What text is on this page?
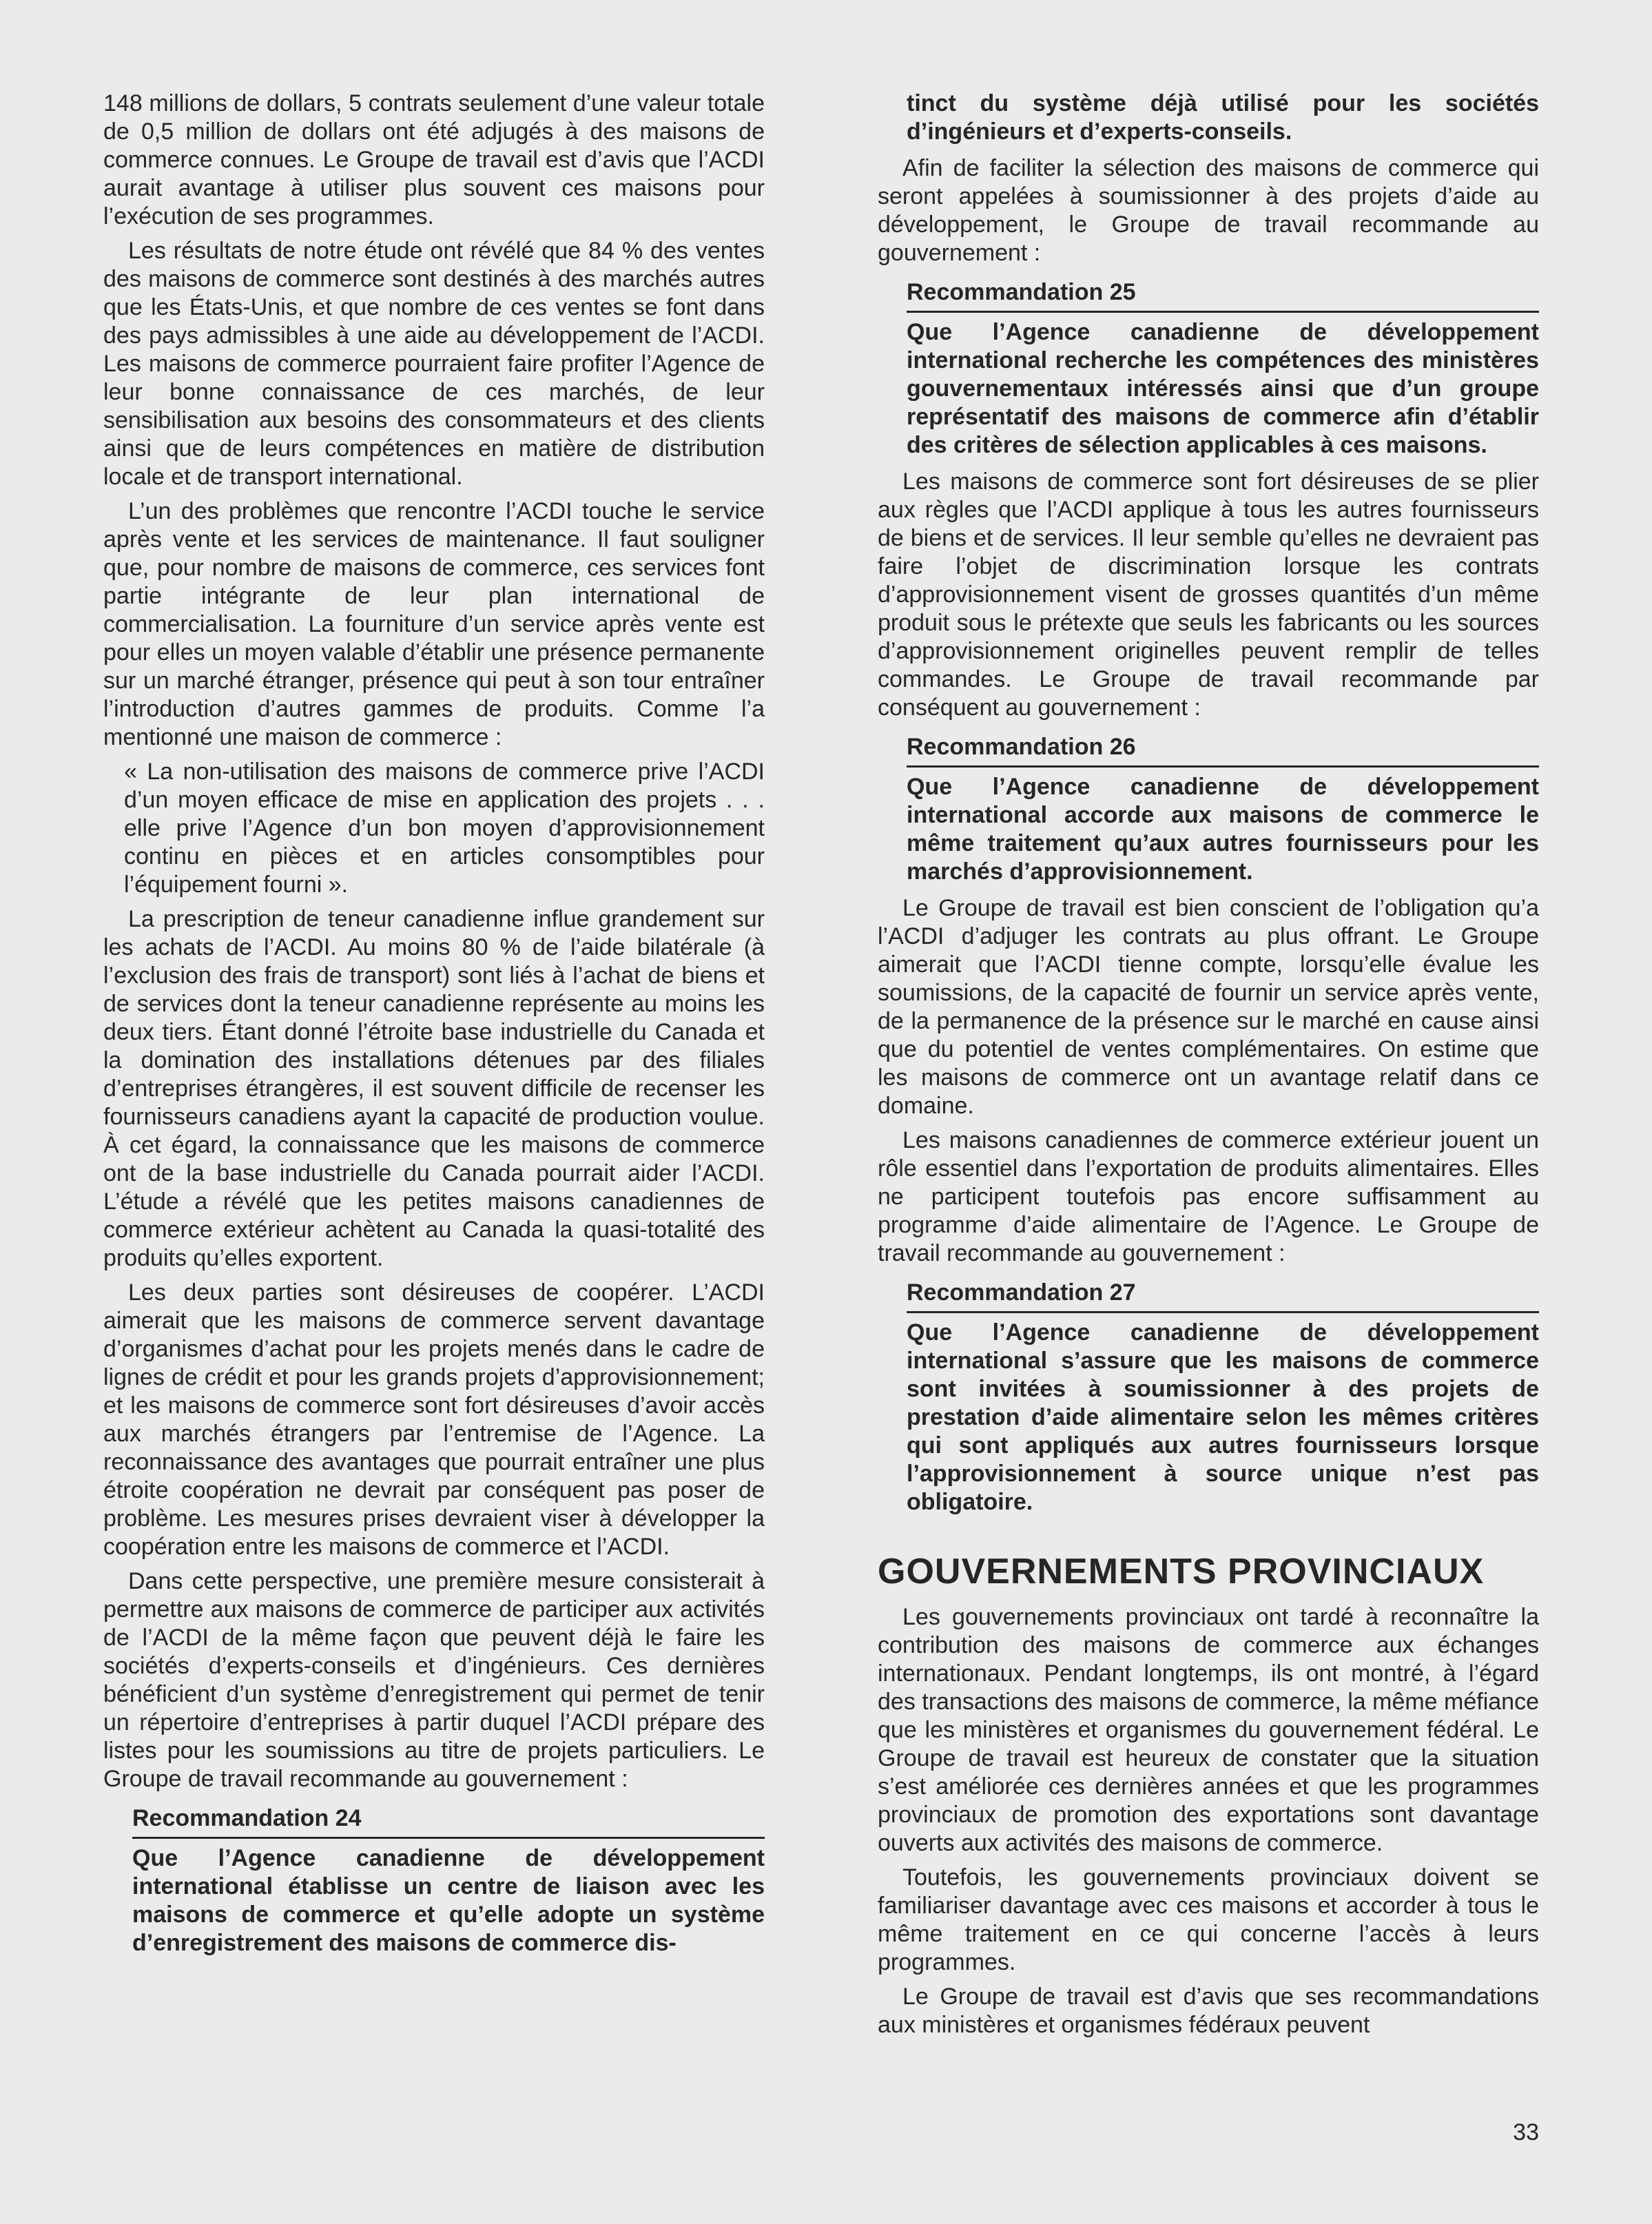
148 millions de dollars, 5 contrats seulement d’une valeur totale de 0,5 million de dollars ont été adjugés à des maisons de commerce connues. Le Groupe de travail est d’avis que l’ACDI aurait avantage à utiliser plus souvent ces maisons pour l’exécution de ses programmes.

Les résultats de notre étude ont révélé que 84 % des ventes des maisons de commerce sont destinés à des marchés autres que les États-Unis, et que nombre de ces ventes se font dans des pays admissibles à une aide au développement de l’ACDI. Les maisons de commerce pourraient faire profiter l’Agence de leur bonne connaissance de ces marchés, de leur sensibilisation aux besoins des consommateurs et des clients ainsi que de leurs compétences en matière de distribution locale et de transport international.

L’un des problèmes que rencontre l’ACDI touche le service après vente et les services de maintenance. Il faut souligner que, pour nombre de maisons de commerce, ces services font partie intégrante de leur plan international de commercialisation. La fourniture d’un service après vente est pour elles un moyen valable d’établir une présence permanente sur un marché étranger, présence qui peut à son tour entraîner l’introduction d’autres gammes de produits. Comme l’a mentionné une maison de commerce :

« La non-utilisation des maisons de commerce prive l’ACDI d’un moyen efficace de mise en application des projets . . . elle prive l’Agence d’un bon moyen d’approvisionnement continu en pièces et en articles consomptibles pour l’équipement fourni ».

La prescription de teneur canadienne influe grandement sur les achats de l’ACDI. Au moins 80 % de l’aide bilatérale (à l’exclusion des frais de transport) sont liés à l’achat de biens et de services dont la teneur canadienne représente au moins les deux tiers. Étant donné l’étroite base industrielle du Canada et la domination des installations détenues par des filiales d’entreprises étrangères, il est souvent difficile de recenser les fournisseurs canadiens ayant la capacité de production voulue. À cet égard, la connaissance que les maisons de commerce ont de la base industrielle du Canada pourrait aider l’ACDI. L’étude a révélé que les petites maisons canadiennes de commerce extérieur achètent au Canada la quasi-totalité des produits qu’elles exportent.

Les deux parties sont désireuses de coopérer. L’ACDI aimerait que les maisons de commerce servent davantage d’organismes d’achat pour les projets menés dans le cadre de lignes de crédit et pour les grands projets d’approvisionnement; et les maisons de commerce sont fort désireuses d’avoir accès aux marchés étrangers par l’entremise de l’Agence. La reconnaissance des avantages que pourrait entraîner une plus étroite coopération ne devrait par conséquent pas poser de problème. Les mesures prises devraient viser à développer la coopération entre les maisons de commerce et l’ACDI.

Dans cette perspective, une première mesure consisterait à permettre aux maisons de commerce de participer aux activités de l’ACDI de la même façon que peuvent déjà le faire les sociétés d’experts-conseils et d’ingénieurs. Ces dernières bénéficient d’un système d’enregistrement qui permet de tenir un répertoire d’entreprises à partir duquel l’ACDI prépare des listes pour les soumissions au titre de projets particuliers. Le Groupe de travail recommande au gouvernement :

Recommandation 24
Que l’Agence canadienne de développement international établisse un centre de liaison avec les maisons de commerce et qu’elle adopte un système d’enregistrement des maisons de commerce dis-
tinct du système déjà utilisé pour les sociétés d’ingénieurs et d’experts-conseils.

Afin de faciliter la sélection des maisons de commerce qui seront appelées à soumissionner à des projets d’aide au développement, le Groupe de travail recommande au gouvernement :

Recommandation 25
Que l’Agence canadienne de développement international recherche les compétences des ministères gouvernementaux intéressés ainsi que d’un groupe représentatif des maisons de commerce afin d’établir des critères de sélection applicables à ces maisons.

Les maisons de commerce sont fort désireuses de se plier aux règles que l’ACDI applique à tous les autres fournisseurs de biens et de services. Il leur semble qu’elles ne devraient pas faire l’objet de discrimination lorsque les contrats d’approvisionnement visent de grosses quantités d’un même produit sous le prétexte que seuls les fabricants ou les sources d’approvisionnement originelles peuvent remplir de telles commandes. Le Groupe de travail recommande par conséquent au gouvernement :

Recommandation 26
Que l’Agence canadienne de développement international accorde aux maisons de commerce le même traitement qu’aux autres fournisseurs pour les marchés d’approvisionnement.

Le Groupe de travail est bien conscient de l’obligation qu’a l’ACDI d’adjuger les contrats au plus offrant. Le Groupe aimerait que l’ACDI tienne compte, lorsqu’elle évalue les soumissions, de la capacité de fournir un service après vente, de la permanence de la présence sur le marché en cause ainsi que du potentiel de ventes complémentaires. On estime que les maisons de commerce ont un avantage relatif dans ce domaine.

Les maisons canadiennes de commerce extérieur jouent un rôle essentiel dans l’exportation de produits alimentaires. Elles ne participent toutefois pas encore suffisamment au programme d’aide alimentaire de l’Agence. Le Groupe de travail recommande au gouvernement :

Recommandation 27
Que l’Agence canadienne de développement international s’assure que les maisons de commerce sont invitées à soumissionner à des projets de prestation d’aide alimentaire selon les mêmes critères qui sont appliqués aux autres fournisseurs lorsque l’approvisionnement à source unique n’est pas obligatoire.
GOUVERNEMENTS PROVINCIAUX

Les gouvernements provinciaux ont tardé à reconnaître la contribution des maisons de commerce aux échanges internationaux. Pendant longtemps, ils ont montré, à l’égard des transactions des maisons de commerce, la même méfiance que les ministères et organismes du gouvernement fédéral. Le Groupe de travail est heureux de constater que la situation s’est améliorée ces dernières années et que les programmes provinciaux de promotion des exportations sont davantage ouverts aux activités des maisons de commerce.

Toutefois, les gouvernements provinciaux doivent se familiariser davantage avec ces maisons et accorder à tous le même traitement en ce qui concerne l’accès à leurs programmes.

Le Groupe de travail est d’avis que ses recommandations aux ministères et organismes fédéraux peuvent

33
